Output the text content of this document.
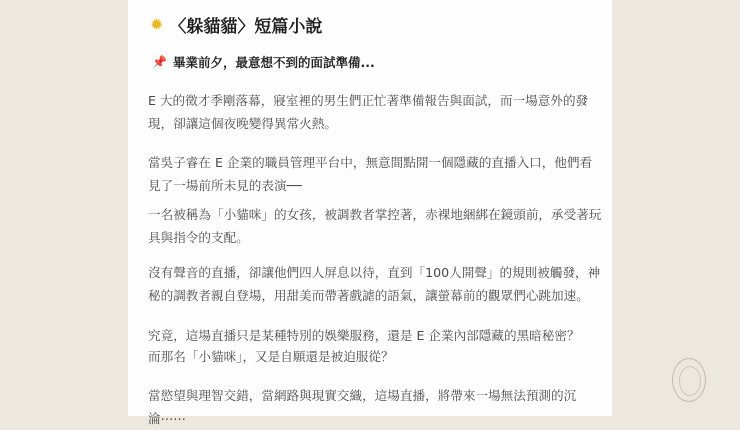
✹ 〈躲貓貓〉短篇小說
📌 畢業前夕，最意想不到的面試準備...
E 大的徵才季剛落幕，寢室裡的男生們正忙著準備報告與面試，而一場意外的發現，卻讓這個夜晚變得異常火熱。
當吳子睿在 E 企業的職員管理平台中，無意間點開一個隱藏的直播入口，他們看見了一場前所未見的表演──
一名被稱為「小貓咪」的女孩，被調教者掌控著，赤裸地綑綁在鏡頭前，承受著玩具與指令的支配。
沒有聲音的直播，卻讓他們四人屏息以待，直到「100人開聲」的規則被觸發，神秘的調教者親自登場，用甜美而帶著戲謔的語氣，讓螢幕前的觀眾們心跳加速。
究竟，這場直播只是某種特別的娛樂服務，還是 E 企業內部隱藏的黑暗秘密？
而那名「小貓咪」，又是自願還是被迫服從？
當慾望與理智交錯，當網路與現實交織，這場直播，將帶來一場無法預測的沉淪⋯⋯
